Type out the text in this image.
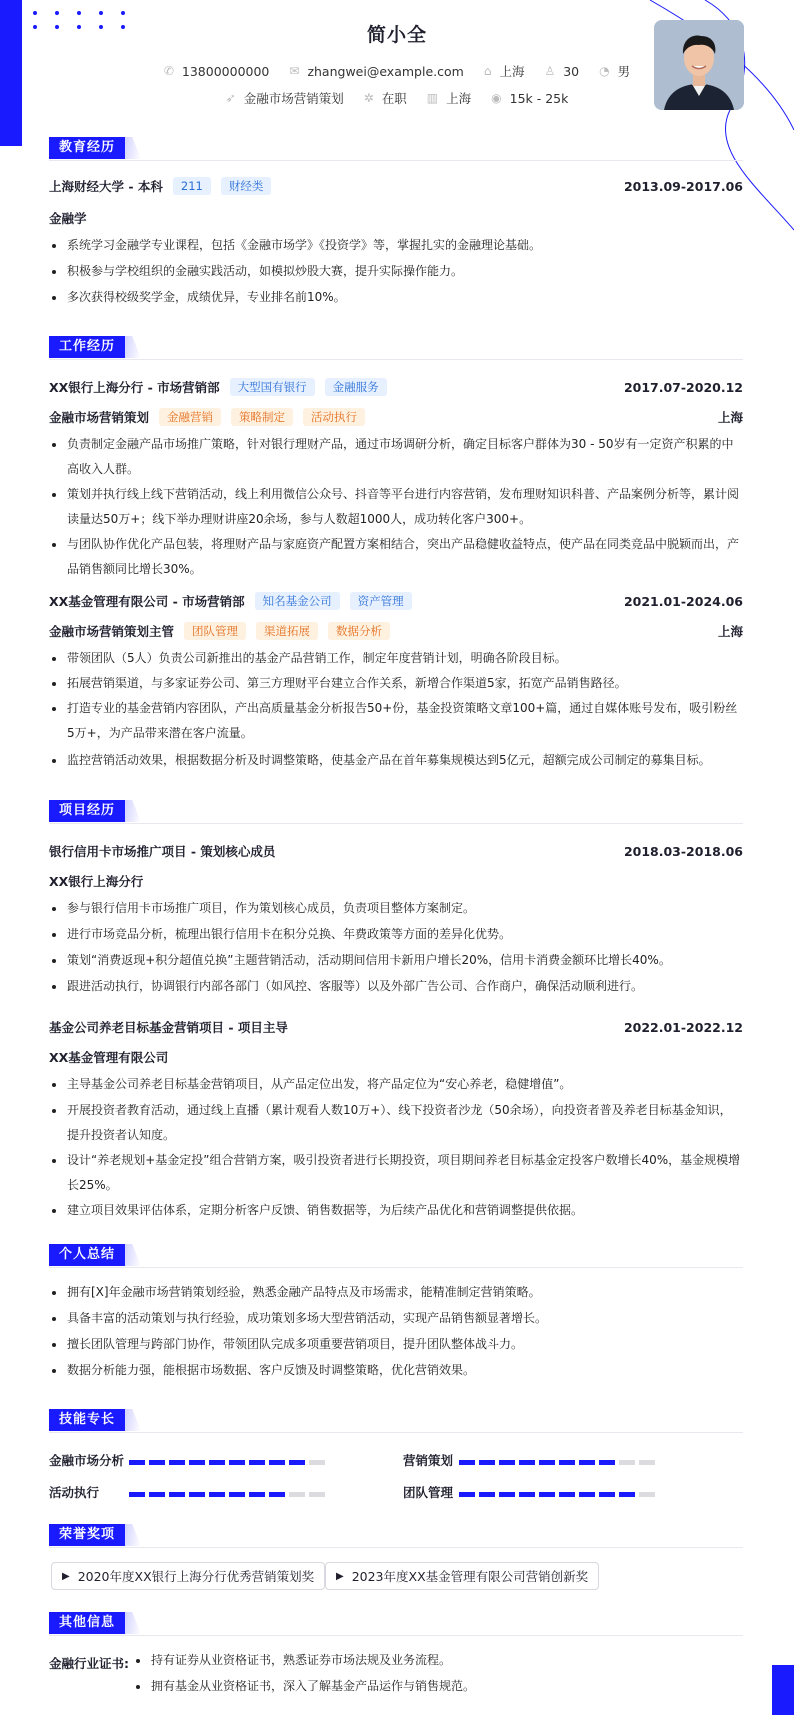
简小全
✆ 13800000000 ✉ zhangwei@example.com ⌂ 上海 ♙ 30 ◔ 男
➶ 金融市场营销策划 ✲ 在职 ▥ 上海 ◉ 15k - 25k
教育经历
上海财经大学 - 本科	211	财经类	2013.09-2017.06
金融学
系统学习金融学专业课程，包括《金融市场学》《投资学》等，掌握扎实的金融理论基础。
积极参与学校组织的金融实践活动，如模拟炒股大赛，提升实际操作能力。
多次获得校级奖学金，成绩优异，专业排名前10%。
工作经历
XX银行上海分行 - 市场营销部	大型国有银行	金融服务	2017.07-2020.12
金融市场营销策划	金融营销	策略制定	活动执行	上海
负责制定金融产品市场推广策略，针对银行理财产品，通过市场调研分析，确定目标客户群体为30 - 50岁有一定资产积累的中高收入人群。
策划并执行线上线下营销活动，线上利用微信公众号、抖音等平台进行内容营销，发布理财知识科普、产品案例分析等，累计阅读量达50万+；线下举办理财讲座20余场，参与人数超1000人，成功转化客户300+。
与团队协作优化产品包装，将理财产品与家庭资产配置方案相结合，突出产品稳健收益特点，使产品在同类竞品中脱颖而出，产品销售额同比增长30%。
XX基金管理有限公司 - 市场营销部	知名基金公司	资产管理	2021.01-2024.06
金融市场营销策划主管	团队管理	渠道拓展	数据分析	上海
带领团队（5人）负责公司新推出的基金产品营销工作，制定年度营销计划，明确各阶段目标。
拓展营销渠道，与多家证券公司、第三方理财平台建立合作关系，新增合作渠道5家，拓宽产品销售路径。
打造专业的基金营销内容团队，产出高质量基金分析报告50+份，基金投资策略文章100+篇，通过自媒体账号发布，吸引粉丝5万+，为产品带来潜在客户流量。
监控营销活动效果，根据数据分析及时调整策略，使基金产品在首年募集规模达到5亿元，超额完成公司制定的募集目标。
项目经历
银行信用卡市场推广项目 - 策划核心成员	2018.03-2018.06
XX银行上海分行
参与银行信用卡市场推广项目，作为策划核心成员，负责项目整体方案制定。
进行市场竞品分析，梳理出银行信用卡在积分兑换、年费政策等方面的差异化优势。
策划“消费返现+积分超值兑换”主题营销活动，活动期间信用卡新用户增长20%，信用卡消费金额环比增长40%。
跟进活动执行，协调银行内部各部门（如风控、客服等）以及外部广告公司、合作商户，确保活动顺利进行。
基金公司养老目标基金营销项目 - 项目主导	2022.01-2022.12
XX基金管理有限公司
主导基金公司养老目标基金营销项目，从产品定位出发，将产品定位为“安心养老，稳健增值”。
开展投资者教育活动，通过线上直播（累计观看人数10万+）、线下投资者沙龙（50余场），向投资者普及养老目标基金知识，提升投资者认知度。
设计“养老规划+基金定投”组合营销方案，吸引投资者进行长期投资，项目期间养老目标基金定投客户数增长40%，基金规模增长25%。
建立项目效果评估体系，定期分析客户反馈、销售数据等，为后续产品优化和营销调整提供依据。
个人总结
拥有[X]年金融市场营销策划经验，熟悉金融产品特点及市场需求，能精准制定营销策略。
具备丰富的活动策划与执行经验，成功策划多场大型营销活动，实现产品销售额显著增长。
擅长团队管理与跨部门协作，带领团队完成多项重要营销项目，提升团队整体战斗力。
数据分析能力强，能根据市场数据、客户反馈及时调整策略，优化营销效果。
技能专长
金融市场分析	营销策划
活动执行	团队管理
荣誉奖项
▶ 2020年度XX银行上海分行优秀营销策划奖 ▶ 2023年度XX基金管理有限公司营销创新奖
其他信息
金融行业证书:	持有证券从业资格证书，熟悉证券市场法规及业务流程。
拥有基金从业资格证书，深入了解基金产品运作与销售规范。
